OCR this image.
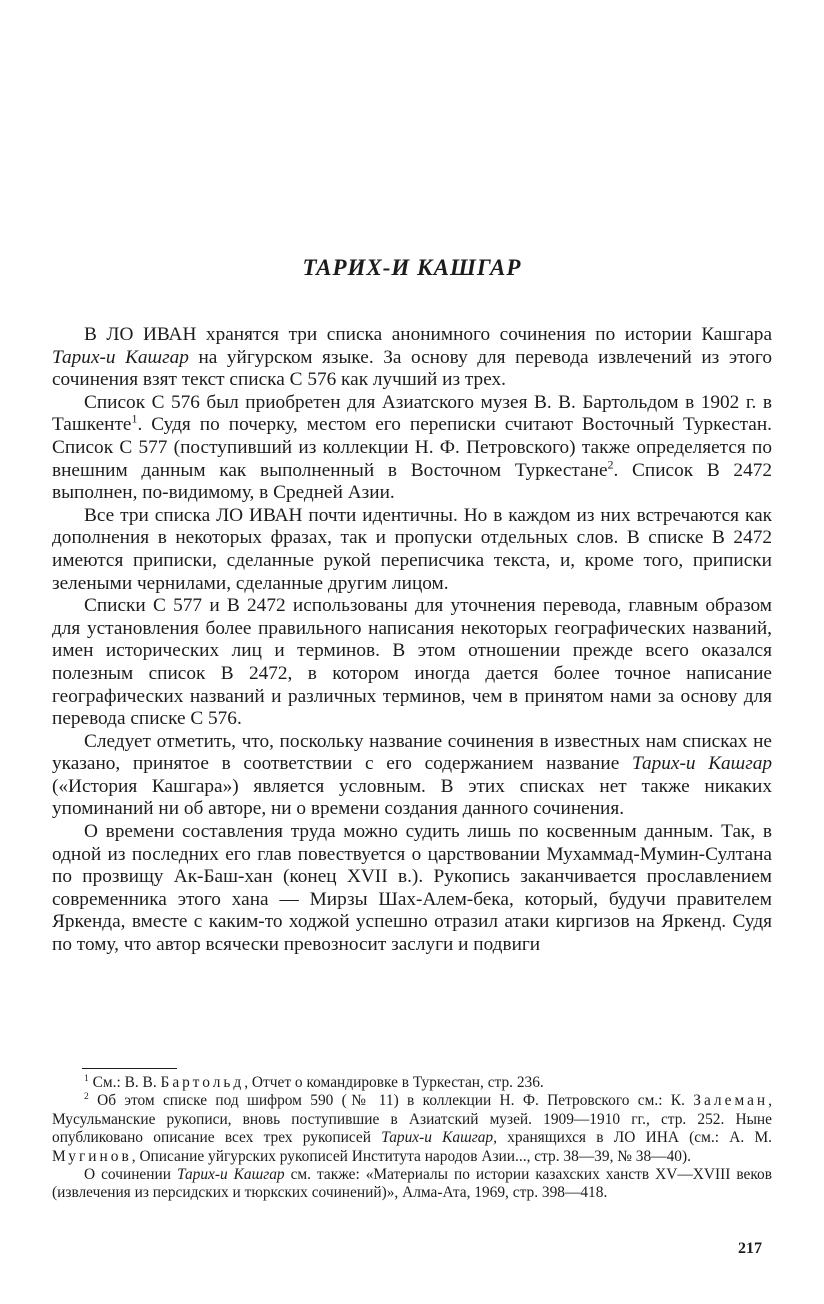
ТАРИХ-И КАШГАР

В ЛО ИВАН хранятся три списка анонимного сочинения по истории Кашгара Тарих-и Кашгар на уйгурском языке. За основу для перевода извлечений из этого сочинения взят текст списка С 576 как лучший из трех.

Список С 576 был приобретен для Азиатского музея В. В. Бартольдом в 1902 г. в Ташкенте$^1$. Судя по почерку, местом его переписки считают Восточный Туркестан. Список С 577 (поступивший из коллекции Н. Ф. Петровского) также определяется по внешним данным как выполненный в Восточном Туркестане$^2$. Список В 2472 выполнен, по-видимому, в Средней Азии.

Все три списка ЛО ИВАН почти идентичны. Но в каждом из них встречаются как дополнения в некоторых фразах, так и пропуски отдельных слов. В списке В 2472 имеются приписки, сделанные рукой переписчика текста, и, кроме того, приписки зелеными чернилами, сделанные другим лицом.

Списки С 577 и В 2472 использованы для уточнения перевода, главным образом для установления более правильного написания некоторых географических названий, имен исторических лиц и терминов. В этом отношении прежде всего оказался полезным список В 2472, в котором иногда дается более точное написание географических названий и различных терминов, чем в принятом нами за основу для перевода списке С 576.

Следует отметить, что, поскольку название сочинения в известных нам списках не указано, принятое в соответствии с его содержанием название Тарих-и Кашгар («История Кашгара») является условным. В этих списках нет также никаких упоминаний ни об авторе, ни о времени создания данного сочинения.

О времени составления труда можно судить лишь по косвенным данным. Так, в одной из последних его глав повествуется о царствовании Мухаммад-Мумин-Султана по прозвищу Ак-Баш-хан (конец XVII в.). Рукопись заканчивается прославлением современника этого хана — Мирзы Шах-Алем-бека, который, будучи правителем Яркенда, вместе с каким-то ходжой успешно отразил атаки киргизов на Яркенд. Судя по тому, что автор всячески превозносит заслуги и подвиги

$^1$ См.: В. В. Бартольд, Отчет о командировке в Туркестан, стр. 236.

$^2$ Об этом списке под шифром 590 (№ 11) в коллекции Н. Ф. Петровского см.: К. Залеман, Мусульманские рукописи, вновь поступившие в Азиатский музей. 1909—1910 гг., стр. 252. Ныне опубликовано описание всех трех рукописей Тарих-и Кашгар, хранящихся в ЛО ИНА (см.: А. М. Мугинов, Описание уйгурских рукописей Института народов Азии..., стр. 38—39, № 38—40).

О сочинении Тарих-и Кашгар см. также: «Материалы по истории казахских ханств XV—XVIII веков (извлечения из персидских и тюркских сочинений)», Алма-Ата, 1969, стр. 398—418.

217
